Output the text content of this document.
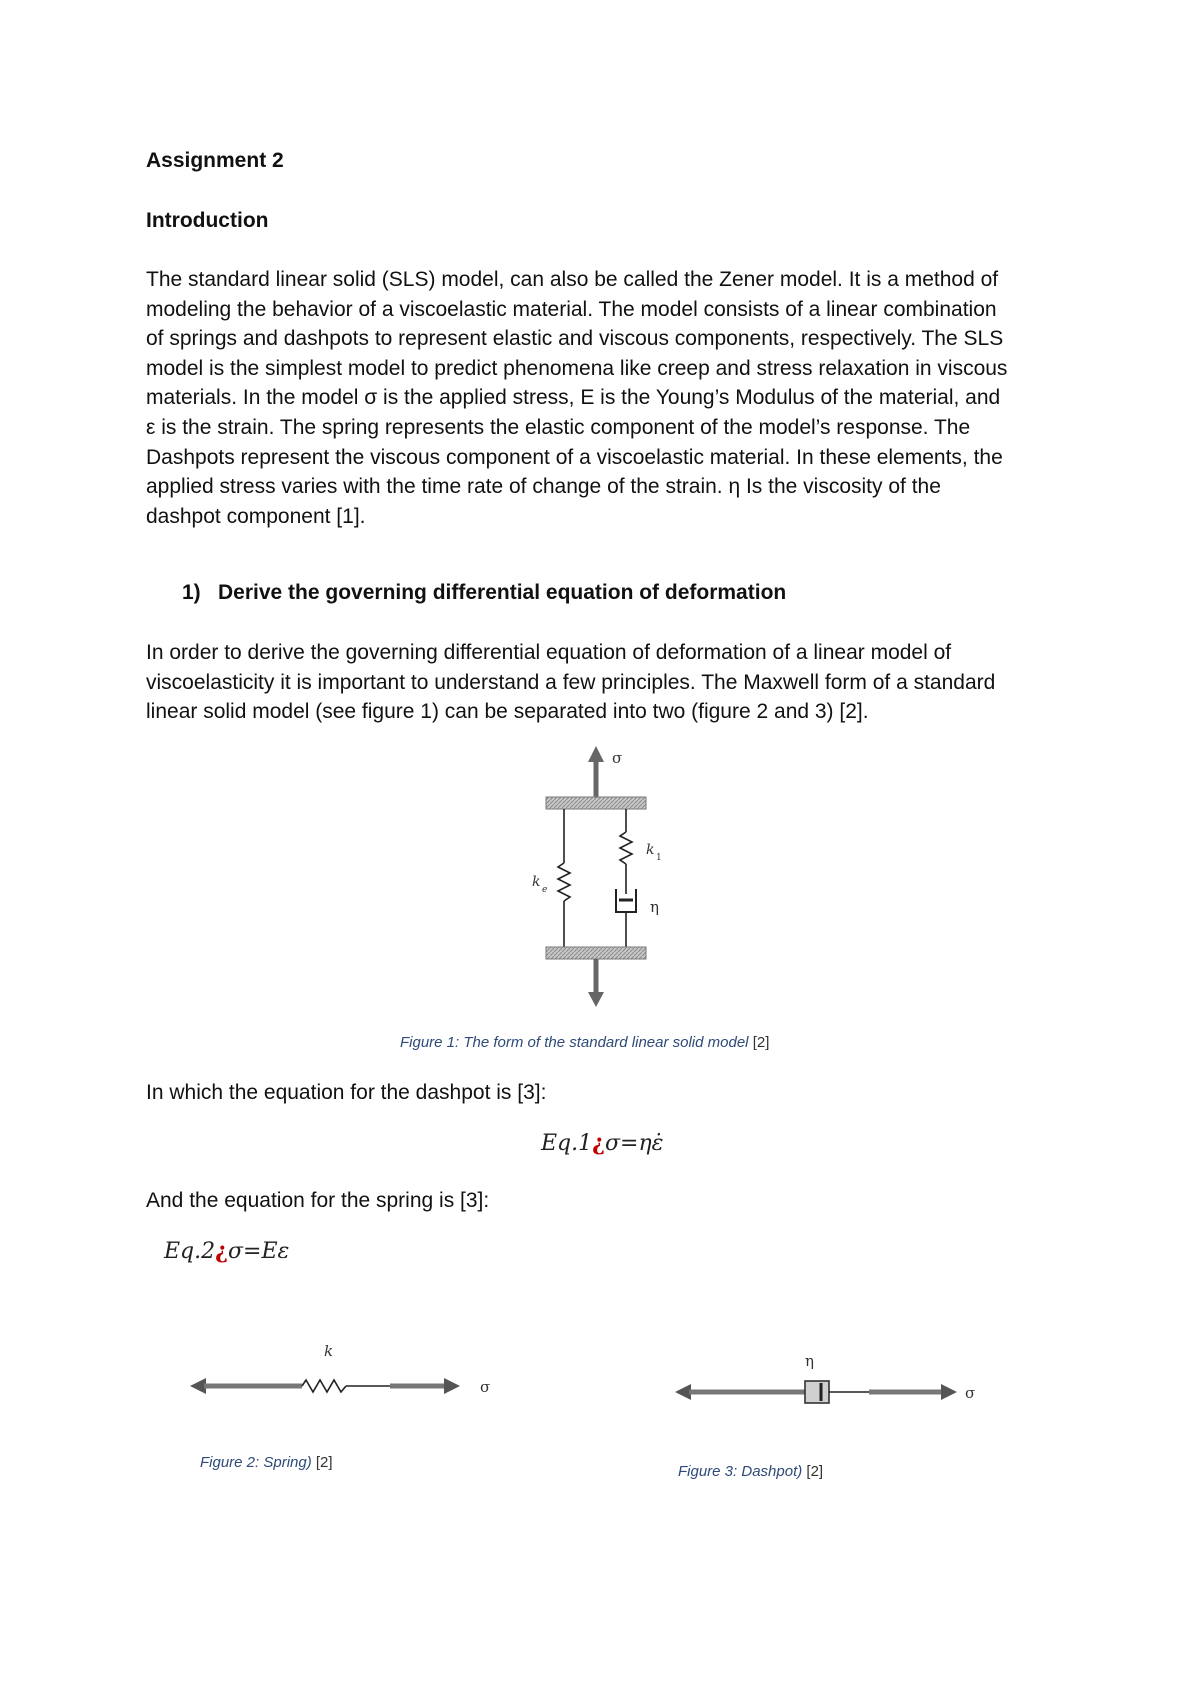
Assignment 2
Introduction
The standard linear solid (SLS) model, can also be called the Zener model. It is a method of
modeling the behavior of a viscoelastic material. The model consists of a linear combination
of springs and dashpots to represent elastic and viscous components, respectively. The SLS
model is the simplest model to predict phenomena like creep and stress relaxation in viscous
materials. In the model σ is the applied stress, E is the Young’s Modulus of the material, and
ε is the strain. The spring represents the elastic component of the model’s response. The
Dashpots represent the viscous component of a viscoelastic material. In these elements, the
applied stress varies with the time rate of change of the strain. η Is the viscosity of the
dashpot component [1].
1) Derive the governing differential equation of deformation
In order to derive the governing differential equation of deformation of a linear model of
viscoelasticity it is important to understand a few principles. The Maxwell form of a standard
linear solid model (see figure 1) can be separated into two (figure 2 and 3) [2].
σ
k e
k 1
η
Figure 1: The form of the standard linear solid model [2]
In which the equation for the dashpot is [3]:
Eq.1¿σ=ηε̇
And the equation for the spring is [3]:
Eq.2¿σ=Eε
k
σ
Figure 2: Spring) [2]
η
σ
Figure 3: Dashpot) [2]
